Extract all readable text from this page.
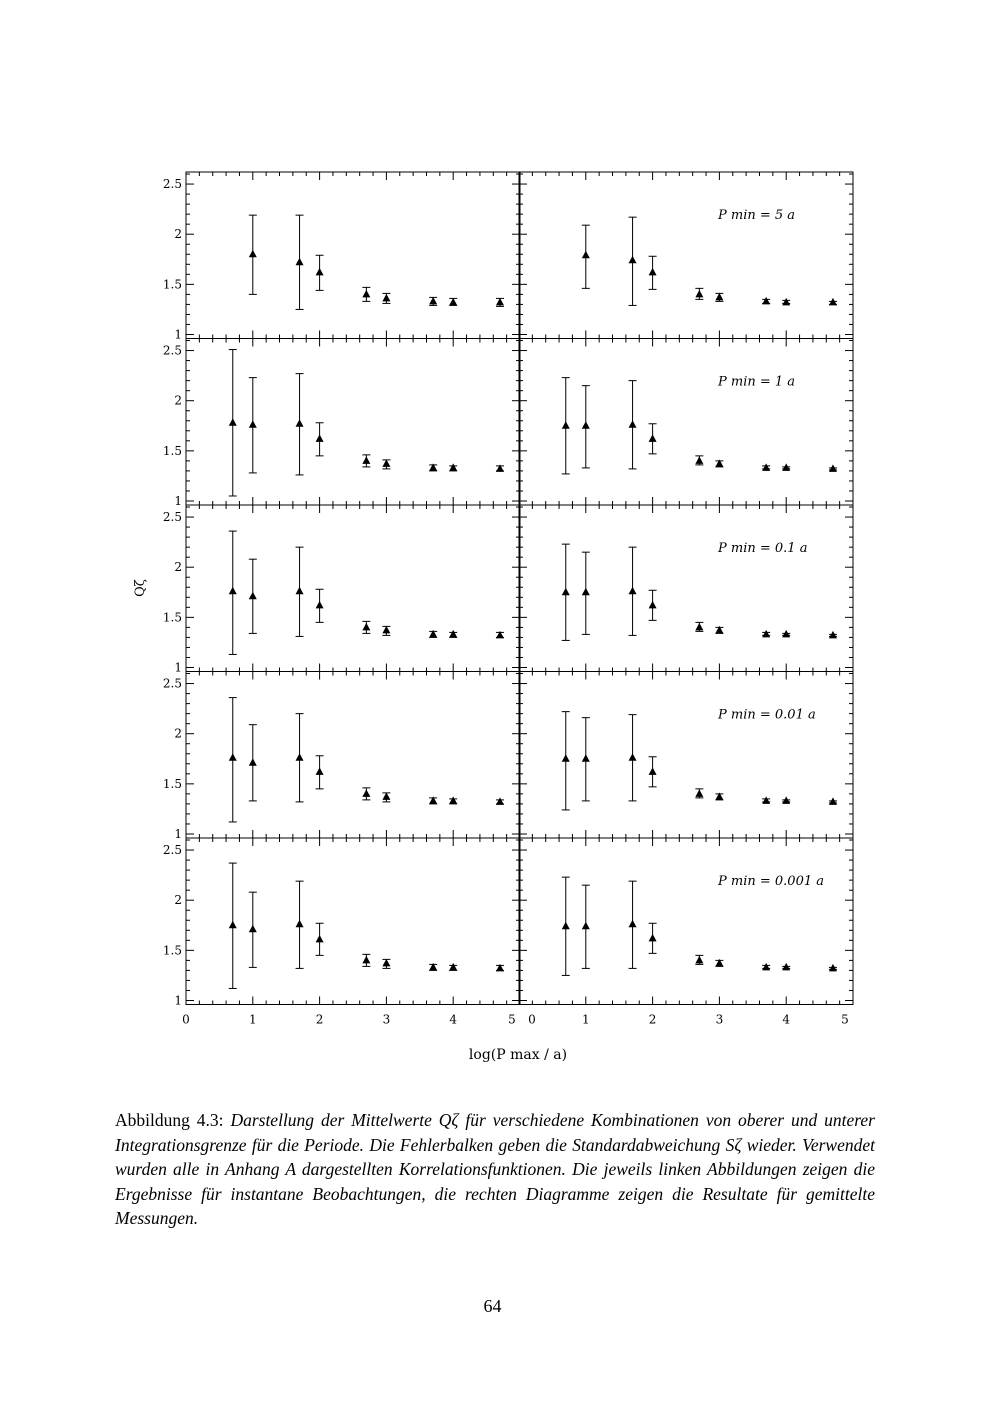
1
1.5
2
2.5
P min = 5 a
1
1.5
2
2.5
P min = 1 a
1
1.5
2
2.5
P min = 0.1 a
1
1.5
2
2.5
P min = 0.01 a
1
1.5
2
2.5
0	1	2	3	4	5 0	1	2	3	4	5
P min = 0.001 a
Qζ
log(P max / a)
Abbildung 4.3: Darstellung der Mittelwerte Qζ für verschiedene Kombinationen von oberer und unterer Integrationsgrenze für die Periode. Die Fehlerbalken geben die Standardabweichung Sζ wieder. Verwendet wurden alle in Anhang A dargestellten Korrelationsfunktionen. Die jeweils linken Abbildungen zeigen die Ergebnisse für instantane Beobachtungen, die rechten Diagramme zeigen die Resultate für gemittelte Messungen.
64
